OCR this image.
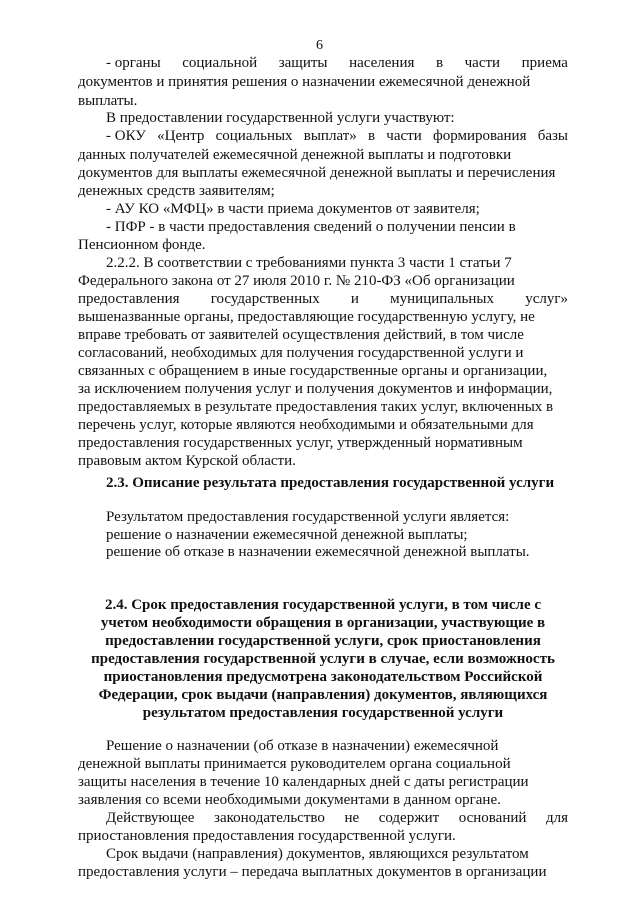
6
- органы социальной защиты населения в части приема
документов и принятия решения о назначении ежемесячной денежной
выплаты.
В предоставлении государственной услуги участвуют:
- ОКУ «Центр социальных выплат» в части формирования базы
данных получателей ежемесячной денежной выплаты и подготовки
документов для выплаты ежемесячной денежной выплаты и перечисления
денежных средств заявителям;
- АУ КО «МФЦ» в части приема документов от заявителя;
- ПФР - в части предоставления сведений о получении пенсии в
Пенсионном фонде.
2.2.2. В соответствии с требованиями пункта 3 части 1 статьи 7
Федерального закона от 27 июля 2010 г. № 210-ФЗ «Об организации
предоставления государственных и муниципальных услуг»
вышеназванные органы, предоставляющие государственную услугу, не
вправе требовать от заявителей осуществления действий, в том числе
согласований, необходимых для получения государственной услуги и
связанных с обращением в иные государственные органы и организации,
за исключением получения услуг и получения документов и информации,
предоставляемых в результате предоставления таких услуг, включенных в
перечень услуг, которые являются необходимыми и обязательными для
предоставления государственных услуг, утвержденный нормативным
правовым актом Курской области.
2.3. Описание результата предоставления государственной услуги
Результатом предоставления государственной услуги является:
решение о назначении ежемесячной денежной выплаты;
решение об отказе в назначении ежемесячной денежной выплаты.
2.4. Срок предоставления государственной услуги, в том числе с
учетом необходимости обращения в организации, участвующие в
предоставлении государственной услуги, срок приостановления
предоставления государственной услуги в случае, если возможность
приостановления предусмотрена законодательством Российской
Федерации, срок выдачи (направления) документов, являющихся
результатом предоставления государственной услуги
Решение о назначении (об отказе в назначении) ежемесячной
денежной выплаты принимается руководителем органа социальной
защиты населения в течение 10 календарных дней с даты регистрации
заявления со всеми необходимыми документами в данном органе.
Действующее законодательство не содержит оснований для
приостановления предоставления государственной услуги.
Срок выдачи (направления) документов, являющихся результатом
предоставления услуги – передача выплатных документов в организации
